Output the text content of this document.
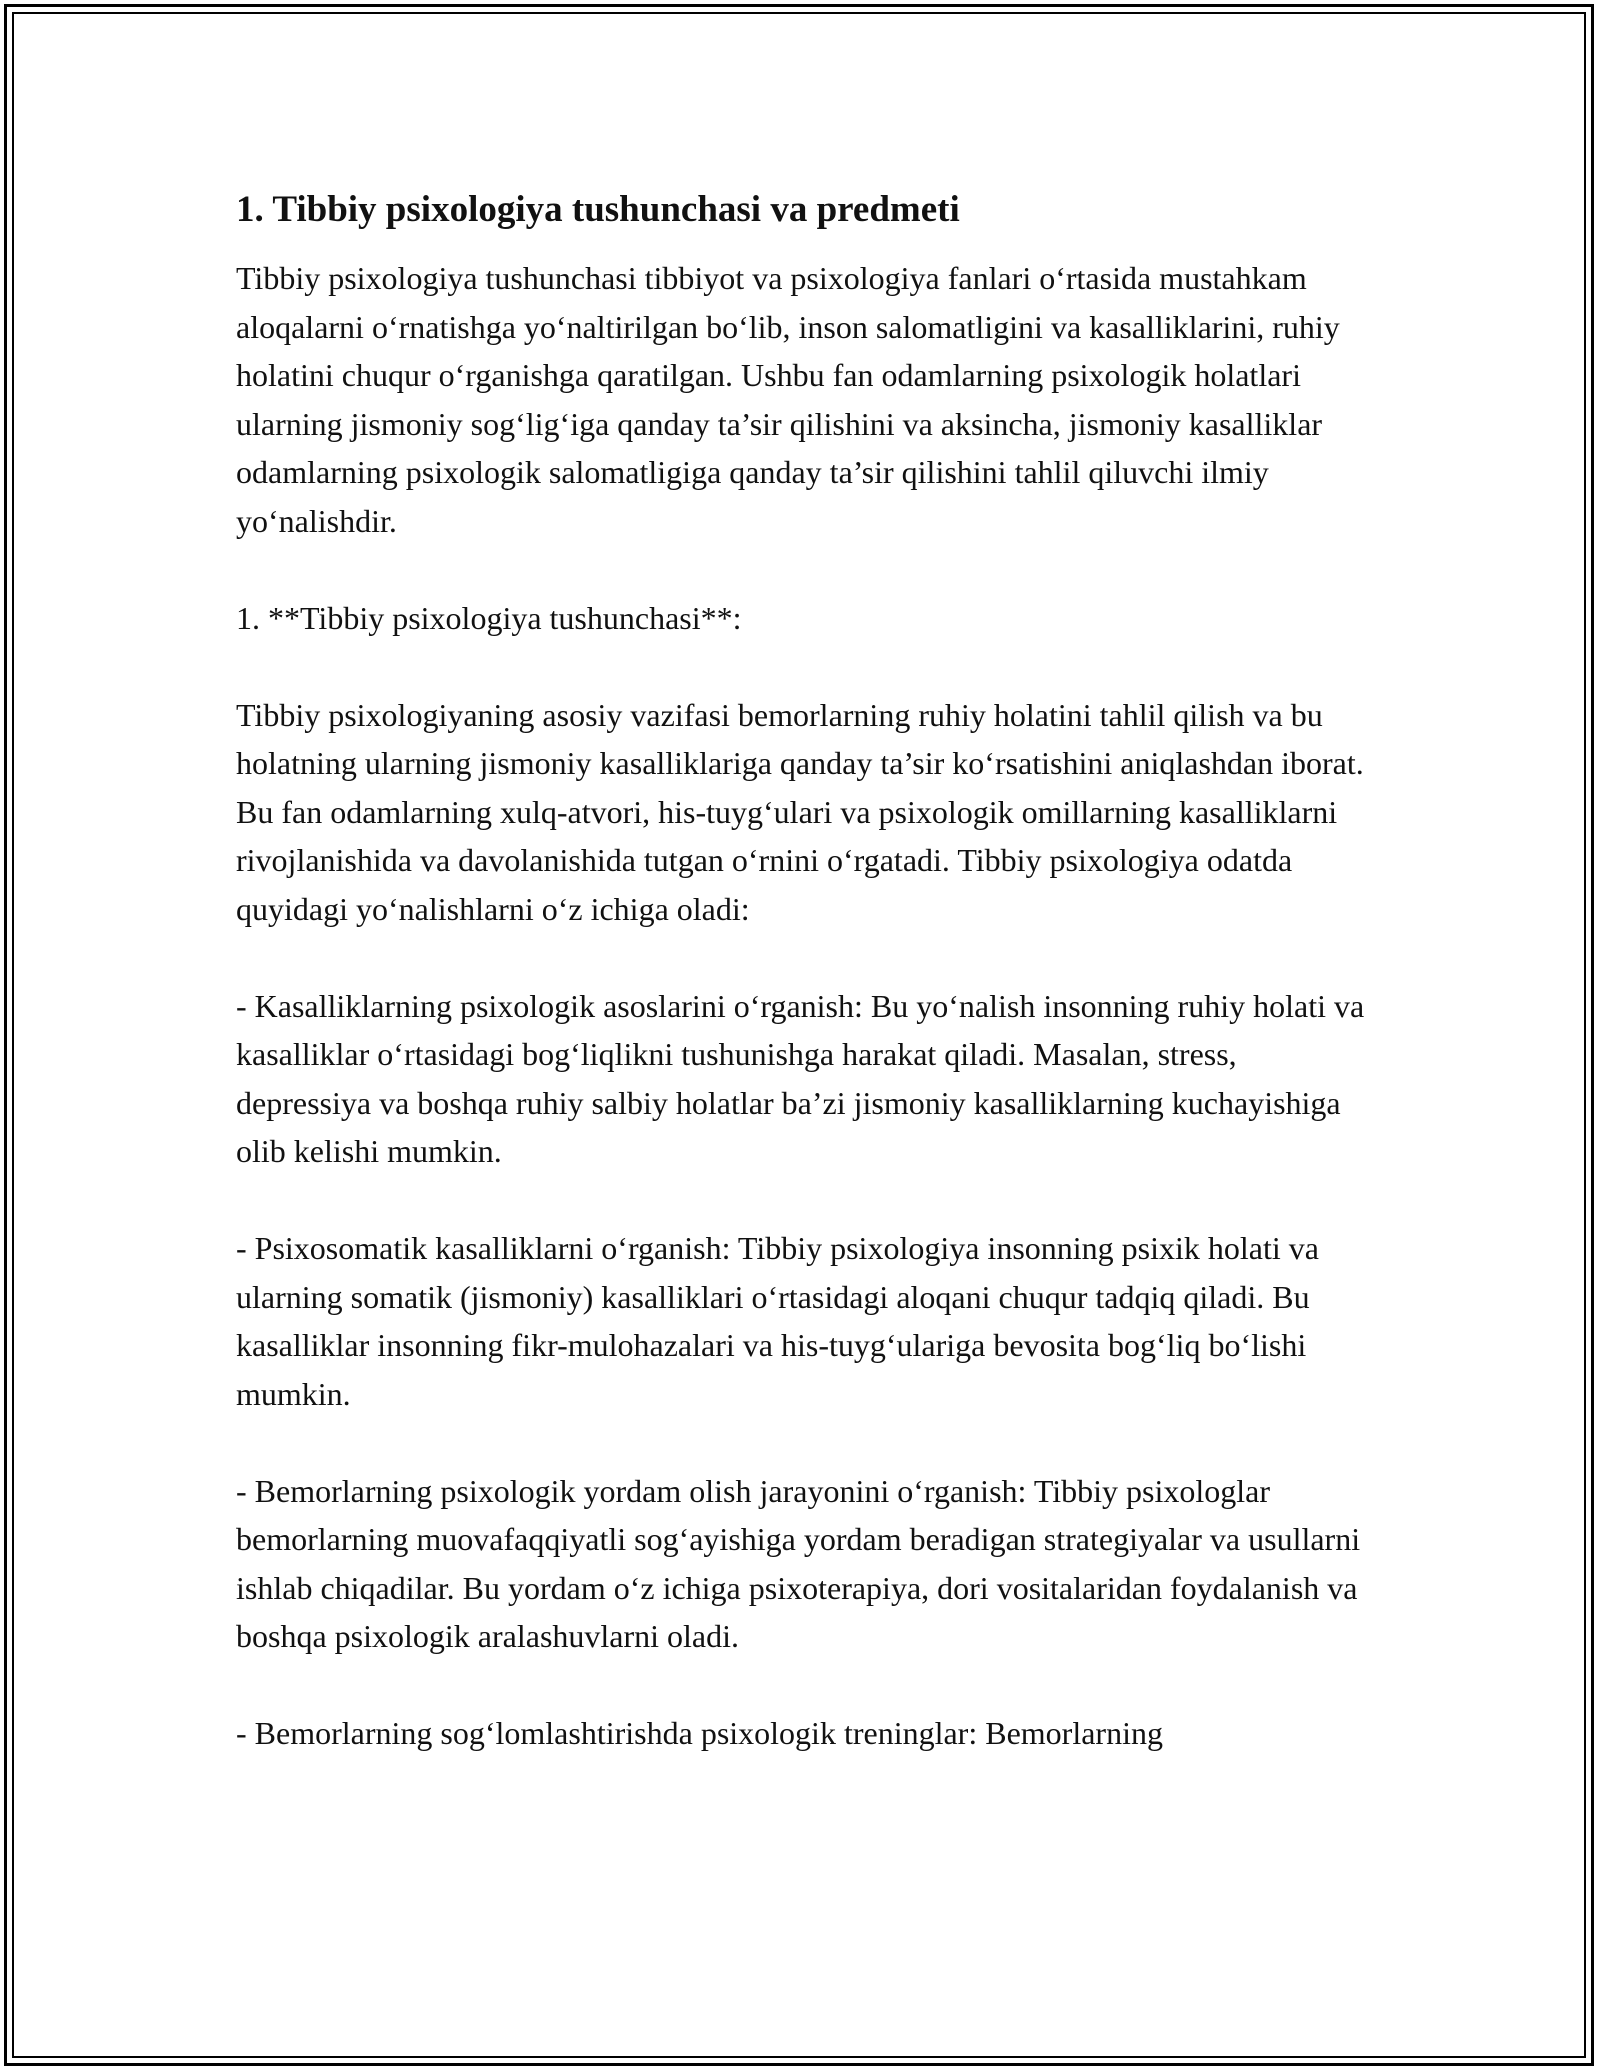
1. Tibbiy psixologiya tushunchasi va predmeti

Tibbiy psixologiya tushunchasi tibbiyot va psixologiya fanlari o‘rtasida mustahkam aloqalarni o‘rnatishga yo‘naltirilgan bo‘lib, inson salomatligini va kasalliklarini, ruhiy holatini chuqur o‘rganishga qaratilgan. Ushbu fan odamlarning psixologik holatlari ularning jismoniy sog‘lig‘iga qanday ta’sir qilishini va aksincha, jismoniy kasalliklar odamlarning psixologik salomatligiga qanday ta’sir qilishini tahlil qiluvchi ilmiy yo‘nalishdir.

1. **Tibbiy psixologiya tushunchasi**:

Tibbiy psixologiyaning asosiy vazifasi bemorlarning ruhiy holatini tahlil qilish va bu holatning ularning jismoniy kasalliklariga qanday ta’sir ko‘rsatishini aniqlashdan iborat. Bu fan odamlarning xulq-atvori, his-tuyg‘ulari va psixologik omillarning kasalliklarni rivojlanishida va davolanishida tutgan o‘rnini o‘rgatadi. Tibbiy psixologiya odatda quyidagi yo‘nalishlarni o‘z ichiga oladi:

- Kasalliklarning psixologik asoslarini o‘rganish: Bu yo‘nalish insonning ruhiy holati va kasalliklar o‘rtasidagi bog‘liqlikni tushunishga harakat qiladi. Masalan, stress, depressiya va boshqa ruhiy salbiy holatlar ba’zi jismoniy kasalliklarning kuchayishiga olib kelishi mumkin.

- Psixosomatik kasalliklarni o‘rganish: Tibbiy psixologiya insonning psixik holati va ularning somatik (jismoniy) kasalliklari o‘rtasidagi aloqani chuqur tadqiq qiladi. Bu kasalliklar insonning fikr-mulohazalari va his-tuyg‘ulariga bevosita bog‘liq bo‘lishi mumkin.

- Bemorlarning psixologik yordam olish jarayonini o‘rganish: Tibbiy psixologlar bemorlarning muovafaqqiyatli sog‘ayishiga yordam beradigan strategiyalar va usullarni ishlab chiqadilar. Bu yordam o‘z ichiga psixoterapiya, dori vositalaridan foydalanish va boshqa psixologik aralashuvlarni oladi.

- Bemorlarning sog‘lomlashtirishda psixologik treninglar: Bemorlarning
